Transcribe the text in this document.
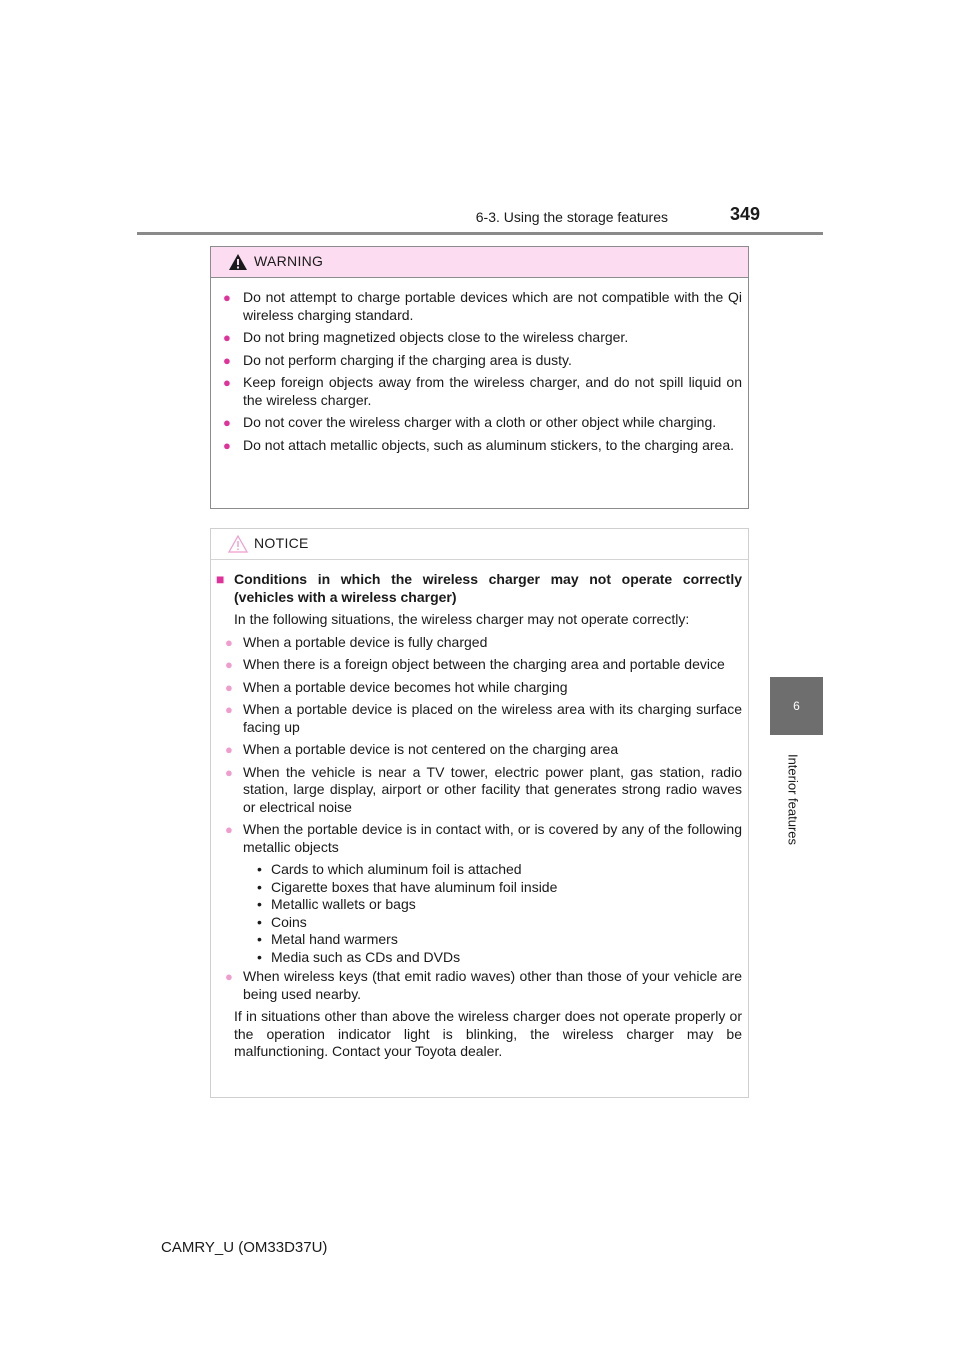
6-3. Using the storage features	349
6
Interior features
WARNING
● Do not attempt to charge portable devices which are not compatible with the Qi wireless charging standard.
● Do not bring magnetized objects close to the wireless charger.
● Do not perform charging if the charging area is dusty.
● Keep foreign objects away from the wireless charger, and do not spill liquid on the wireless charger.
● Do not cover the wireless charger with a cloth or other object while charging.
● Do not attach metallic objects, such as aluminum stickers, to the charging area.
NOTICE
■ Conditions in which the wireless charger may not operate correctly (vehicles with a wireless charger)
In the following situations, the wireless charger may not operate correctly:
● When a portable device is fully charged
● When there is a foreign object between the charging area and portable device
● When a portable device becomes hot while charging
● When a portable device is placed on the wireless area with its charging surface facing up
● When a portable device is not centered on the charging area
● When the vehicle is near a TV tower, electric power plant, gas station, radio station, large display, airport or other facility that generates strong radio waves or electrical noise
● When the portable device is in contact with, or is covered by any of the following metallic objects
• Cards to which aluminum foil is attached
• Cigarette boxes that have aluminum foil inside
• Metallic wallets or bags
• Coins
• Metal hand warmers
• Media such as CDs and DVDs
● When wireless keys (that emit radio waves) other than those of your vehicle are being used nearby.
If in situations other than above the wireless charger does not operate properly or the operation indicator light is blinking, the wireless charger may be malfunctioning. Contact your Toyota dealer.
CAMRY_U (OM33D37U)
